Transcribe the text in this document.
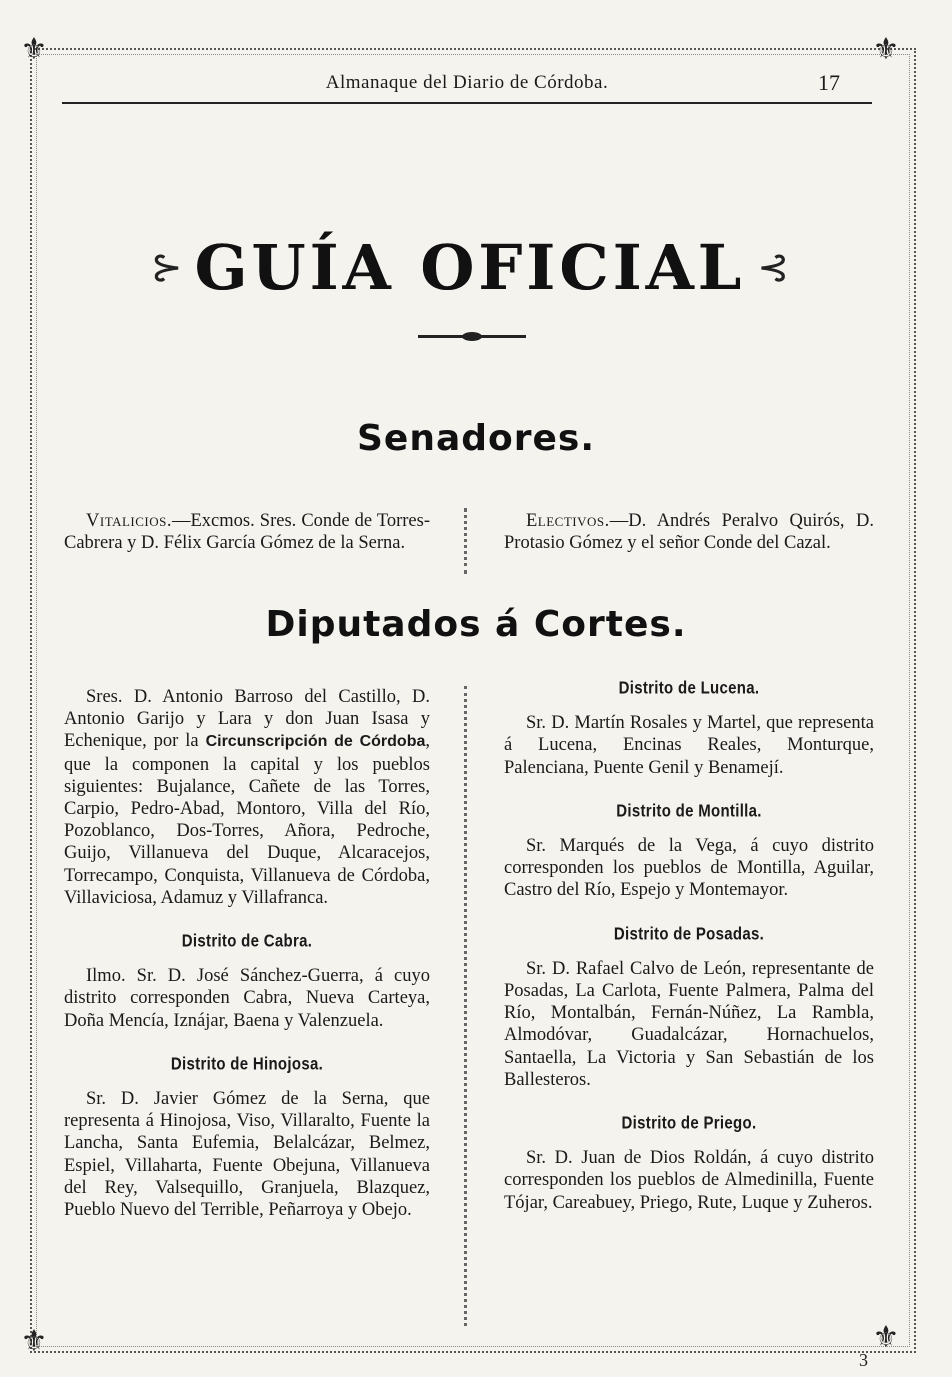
⚜	⚜
⚜	⚜
Almanaque del Diario de Córdoba.	17
⊱ GUÍA OFICIAL ⊰
Senadores.

Vitalicios.—Excmos. Sres. Conde de Torres-Cabrera y D. Félix García Gómez de la Serna.

Electivos.—D. Andrés Peralvo Quirós, D. Protasio Gómez y el señor Conde del Cazal.

Diputados á Cortes.

Sres. D. Antonio Barroso del Castillo, D. Antonio Garijo y Lara y don Juan Isasa y Echenique, por la Circunscripción de Córdoba, que la componen la capital y los pueblos siguientes: Bujalance, Cañete de las Torres, Carpio, Pedro-Abad, Montoro, Villa del Río, Pozoblanco, Dos-Torres, Añora, Pedroche, Guijo, Villanueva del Duque, Alcaracejos, Torrecampo, Conquista, Villanueva de Córdoba, Villaviciosa, Adamuz y Villafranca.

Distrito de Cabra.

Ilmo. Sr. D. José Sánchez-Guerra, á cuyo distrito corresponden Cabra, Nueva Carteya, Doña Mencía, Iznájar, Baena y Valenzuela.

Distrito de Hinojosa.

Sr. D. Javier Gómez de la Serna, que representa á Hinojosa, Viso, Villaralto, Fuente la Lancha, Santa Eufemia, Belalcázar, Belmez, Espiel, Villaharta, Fuente Obejuna, Villanueva del Rey, Valsequillo, Granjuela, Blazquez, Pueblo Nuevo del Terrible, Peñarroya y Obejo.

Distrito de Lucena.

Sr. D. Martín Rosales y Martel, que representa á Lucena, Encinas Reales, Monturque, Palenciana, Puente Genil y Benamejí.

Distrito de Montilla.

Sr. Marqués de la Vega, á cuyo distrito corresponden los pueblos de Montilla, Aguilar, Castro del Río, Espejo y Montemayor.

Distrito de Posadas.

Sr. D. Rafael Calvo de León, representante de Posadas, La Carlota, Fuente Palmera, Palma del Río, Montalbán, Fernán-Núñez, La Rambla, Almodóvar, Guadalcázar, Hornachuelos, Santaella, La Victoria y San Sebastián de los Ballesteros.

Distrito de Priego.

Sr. D. Juan de Dios Roldán, á cuyo distrito corresponden los pueblos de Almedinilla, Fuente Tójar, Careabuey, Priego, Rute, Luque y Zuheros.

3
